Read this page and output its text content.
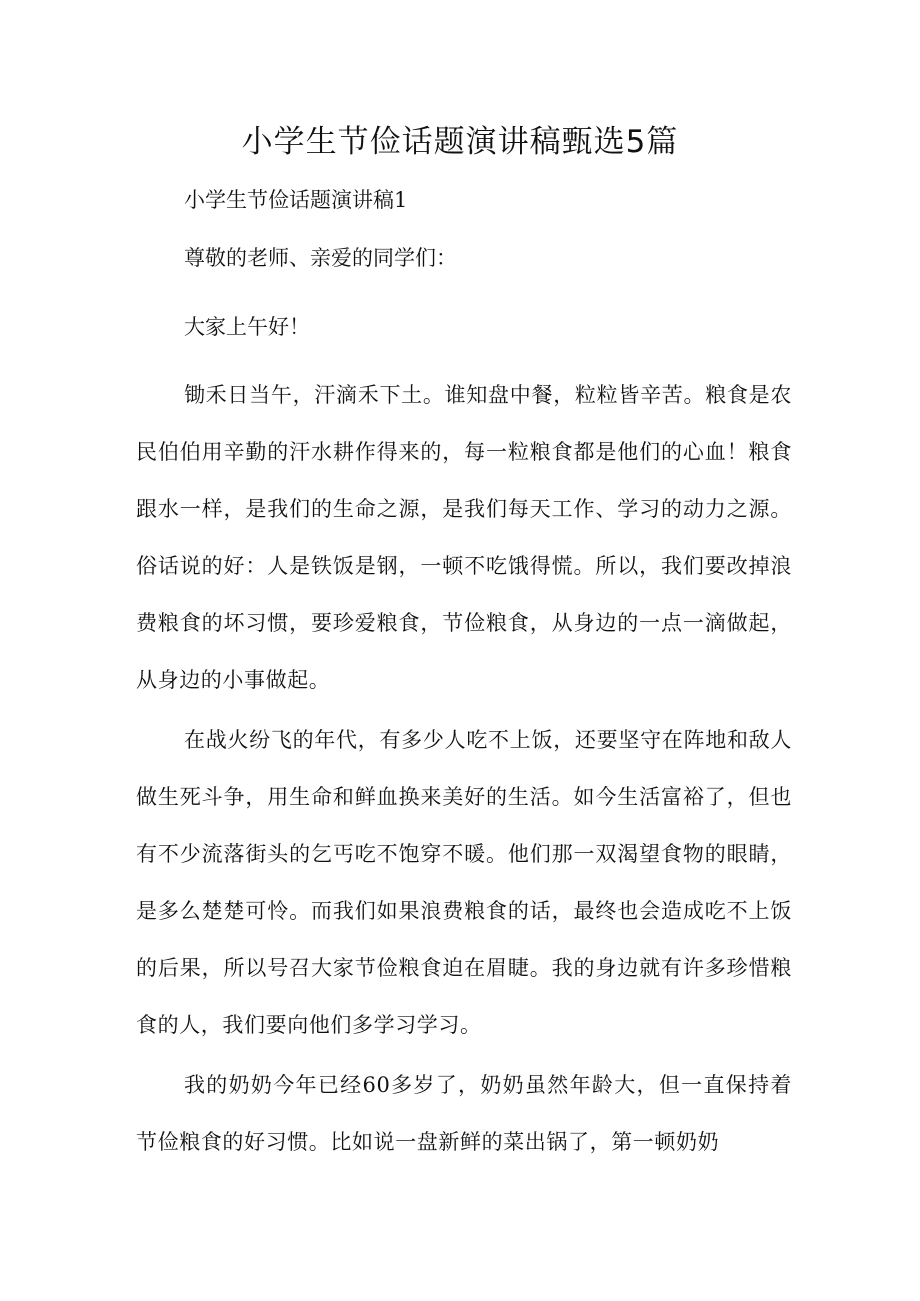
小学生节俭话题演讲稿甄选5篇

小学生节俭话题演讲稿1

尊敬的老师、亲爱的同学们：

大家上午好！

锄禾日当午，汗滴禾下土。谁知盘中餐，粒粒皆辛苦。粮食是农民伯伯用辛勤的汗水耕作得来的，每一粒粮食都是他们的心血！粮食跟水一样，是我们的生命之源，是我们每天工作、学习的动力之源。俗话说的好：人是铁饭是钢，一顿不吃饿得慌。所以，我们要改掉浪费粮食的坏习惯，要珍爱粮食，节俭粮食，从身边的一点一滴做起，从身边的小事做起。

在战火纷飞的年代，有多少人吃不上饭，还要坚守在阵地和敌人做生死斗争，用生命和鲜血换来美好的生活。如今生活富裕了，但也有不少流落街头的乞丐吃不饱穿不暖。他们那一双渴望食物的眼睛，是多么楚楚可怜。而我们如果浪费粮食的话，最终也会造成吃不上饭的后果，所以号召大家节俭粮食迫在眉睫。我的身边就有许多珍惜粮食的人，我们要向他们多学习学习。

我的奶奶今年已经60多岁了，奶奶虽然年龄大，但一直保持着节俭粮食的好习惯。比如说一盘新鲜的菜出锅了，第一顿奶奶
